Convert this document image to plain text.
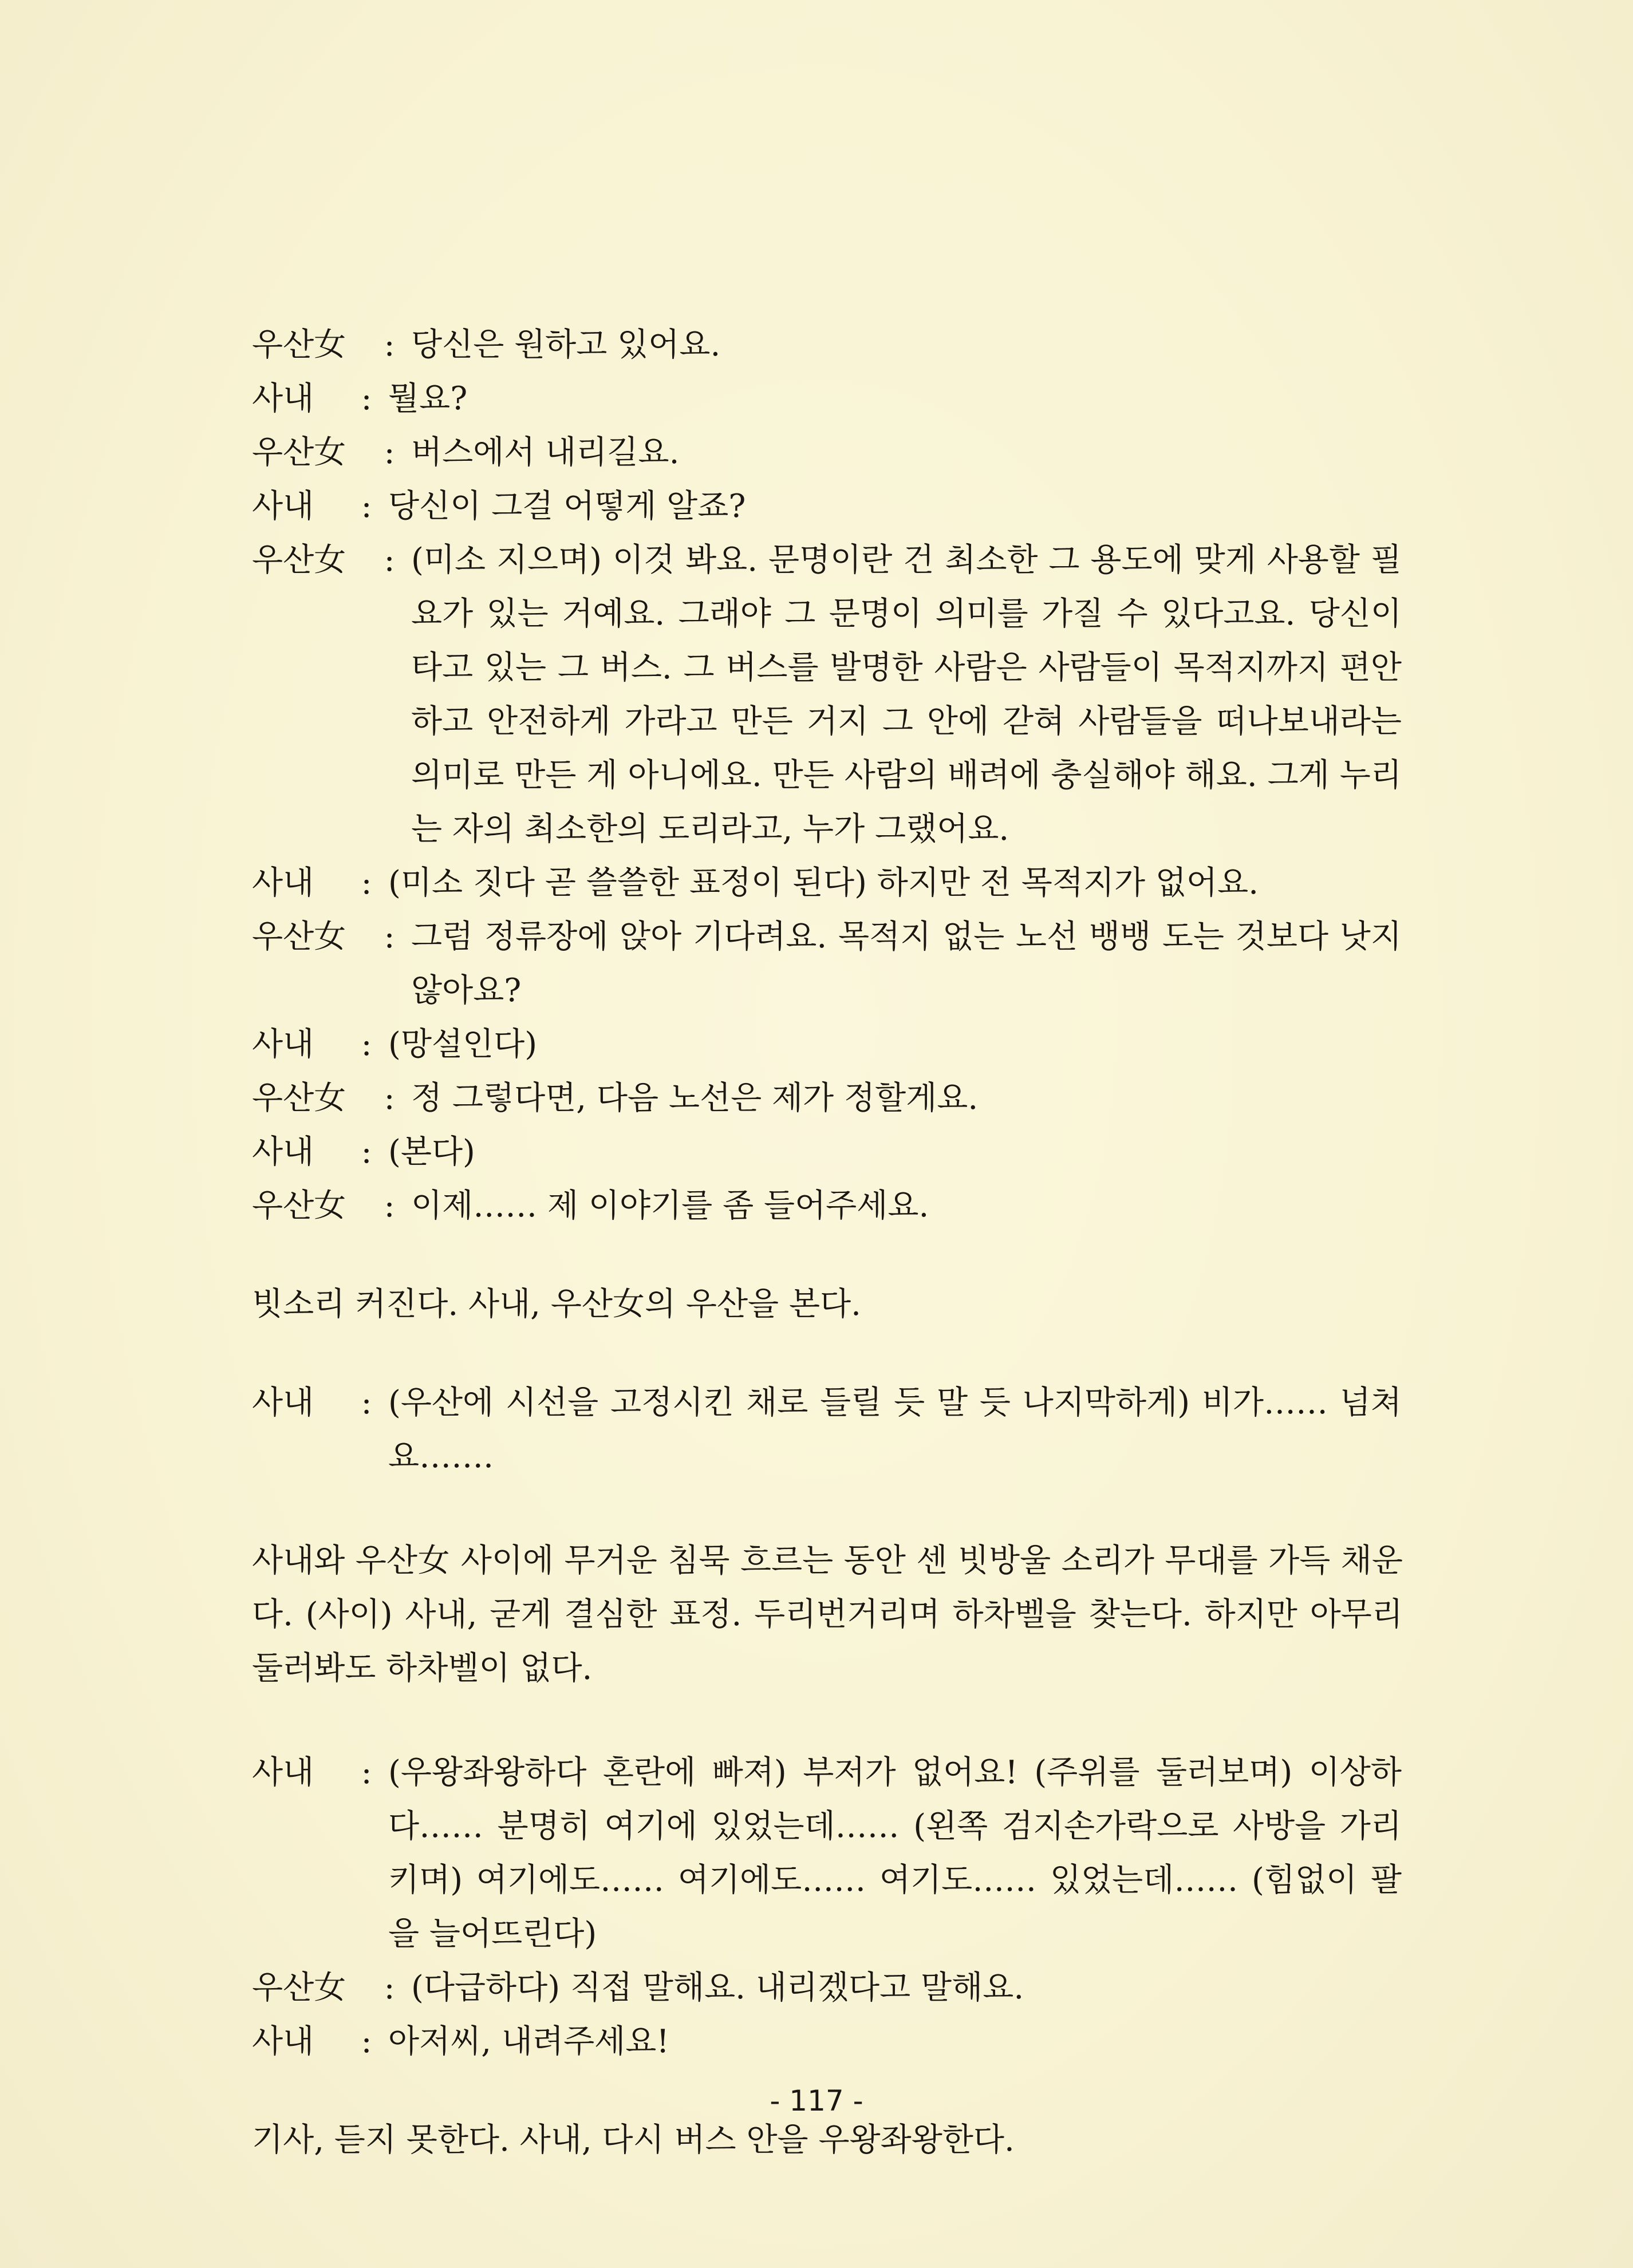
우산女	: 당신은 원하고 있어요.
사내	: 뭘요?
우산女	: 버스에서 내리길요.
사내	: 당신이 그걸 어떻게 알죠?
우산女	: (미소 지으며) 이것 봐요. 문명이란 건 최소한 그 용도에 맞게 사용할 필요가 있는 거예요. 그래야 그 문명이 의미를 가질 수 있다고요. 당신이 타고 있는 그 버스. 그 버스를 발명한 사람은 사람들이 목적지까지 편안하고 안전하게 가라고 만든 거지 그 안에 갇혀 사람들을 떠나보내라는 의미로 만든 게 아니에요. 만든 사람의 배려에 충실해야 해요. 그게 누리는 자의 최소한의 도리라고, 누가 그랬어요.
사내	: (미소 짓다 곧 쓸쓸한 표정이 된다) 하지만 전 목적지가 없어요.
우산女	: 그럼 정류장에 앉아 기다려요. 목적지 없는 노선 뱅뱅 도는 것보다 낫지 않아요?
사내	: (망설인다)
우산女	: 정 그렇다면, 다음 노선은 제가 정할게요.
사내	: (본다)
우산女	: 이제…… 제 이야기를 좀 들어주세요.
빗소리 커진다. 사내, 우산女의 우산을 본다.
사내	: (우산에 시선을 고정시킨 채로 들릴 듯 말 듯 나지막하게) 비가…… 넘쳐요…….
사내와 우산女 사이에 무거운 침묵 흐르는 동안 센 빗방울 소리가 무대를 가득 채운다. (사이) 사내, 굳게 결심한 표정. 두리번거리며 하차벨을 찾는다. 하지만 아무리 둘러봐도 하차벨이 없다.
사내	: (우왕좌왕하다 혼란에 빠져) 부저가 없어요! (주위를 둘러보며) 이상하다…… 분명히 여기에 있었는데…… (왼쪽 검지손가락으로 사방을 가리키며) 여기에도…… 여기에도…… 여기도…… 있었는데…… (힘없이 팔을 늘어뜨린다)
우산女	: (다급하다) 직접 말해요. 내리겠다고 말해요.
사내	: 아저씨, 내려주세요!
기사, 듣지 못한다. 사내, 다시 버스 안을 우왕좌왕한다.
- 117 -
